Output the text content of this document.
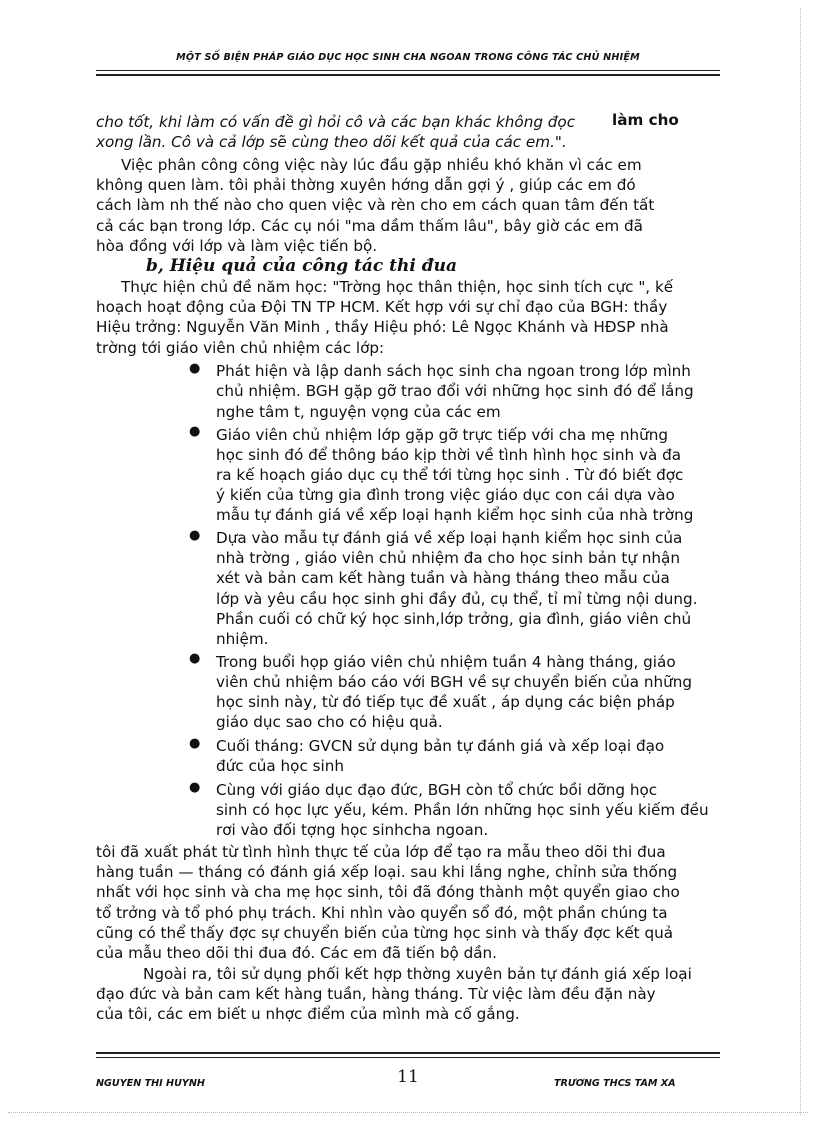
MỘT SỐ BIỆN PHÁP GIÁO DỤC HỌC SINH CHA NGOAN TRONG CÔNG TÁC CHỦ NHIỆM
cho tốt, khi làm có vấn đề gì hỏi cô và các bạn khác không đọc làm cho
xong lần. Cô và cả lớp sẽ cùng theo dõi kết quả của các em.".
Việc phân công công việc này lúc đầu gặp nhiều khó khăn vì các em
không quen làm. tôi phải thờng xuyên hớng dẫn gợi ý , giúp các em đó
cách làm nh thế nào cho quen việc và rèn cho em cách quan tâm đến tất
cả các bạn trong lớp. Các cụ nói "ma dầm thấm lâu", bây giờ các em đã
hòa đồng với lớp và làm việc tiến bộ.
b, Hiệu quả của công tác thi đua
Thực hiện chủ đề năm học: "Trờng học thân thiện, học sinh tích cực ", kế
hoạch hoạt động của Đội TN TP HCM. Kết hợp với sự chỉ đạo của BGH: thầy
Hiệu trởng: Nguyễn Văn Minh , thầy Hiệu phó: Lê Ngọc Khánh và HĐSP nhà
trờng tới giáo viên chủ nhiệm các lớp:
● Phát hiện và lập danh sách học sinh cha ngoan trong lớp mình
chủ nhiệm. BGH gặp gỡ trao đổi với những học sinh đó để lắng
nghe tâm t, nguyện vọng của các em
● Giáo viên chủ nhiệm lớp gặp gỡ trực tiếp với cha mẹ những
học sinh đó để thông báo kịp thời về tình hình học sinh và đa
ra kế hoạch giáo dục cụ thể tới từng học sinh . Từ đó biết đợc
ý kiến của từng gia đình trong việc giáo dục con cái dựa vào
mẫu tự đánh giá về xếp loại hạnh kiểm học sinh của nhà trờng
● Dựa vào mẫu tự đánh giá về xếp loại hạnh kiểm học sinh của
nhà trờng , giáo viên chủ nhiệm đa cho học sinh bản tự nhận
xét và bản cam kết hàng tuần và hàng tháng theo mẫu của
lớp và yêu cầu học sinh ghi đầy đủ, cụ thể, tỉ mỉ từng nội dung.
Phần cuối có chữ ký học sinh,lớp trởng, gia đình, giáo viên chủ
nhiệm.
● Trong buổi họp giáo viên chủ nhiệm tuần 4 hàng tháng, giáo
viên chủ nhiệm báo cáo với BGH về sự chuyển biến của những
học sinh này, từ đó tiếp tục đề xuất , áp dụng các biện pháp
giáo dục sao cho có hiệu quả.
● Cuối tháng: GVCN sử dụng bản tự đánh giá và xếp loại đạo
đức của học sinh
● Cùng với giáo dục đạo đức, BGH còn tổ chức bồi dỡng học
sinh có học lực yếu, kém. Phần lớn những học sinh yếu kiếm đều
rơi vào đối tợng học sinhcha ngoan.
tôi đã xuất phát từ tình hình thực tế của lớp để tạo ra mẫu theo dõi thi đua
hàng tuần — tháng có đánh giá xếp loại. sau khi lắng nghe, chỉnh sửa thống
nhất với học sinh và cha mẹ học sinh, tôi đã đóng thành một quyển giao cho
tổ trởng và tổ phó phụ trách. Khi nhìn vào quyển sổ đó, một phần chúng ta
cũng có thể thấy đợc sự chuyển biến của từng học sinh và thấy đợc kết quả
của mẫu theo dõi thi đua đó. Các em đã tiến bộ dần.
Ngoài ra, tôi sử dụng phối kết hợp thờng xuyên bản tự đánh giá xếp loại
đạo đức và bản cam kết hàng tuần, hàng tháng. Từ việc làm đều đặn này
của tôi, các em biết u nhợc điểm của mình mà cố gắng.
NGUYỄN THỊ HUỲNH	11	TRƯỜNG THCS TÂM XÁ
